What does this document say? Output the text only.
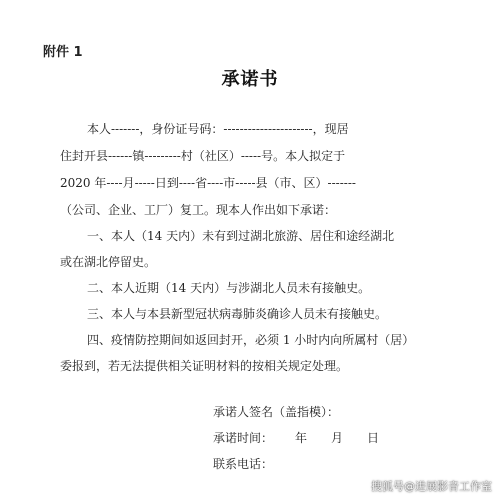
附件 1
承诺书
本人-------，身份证号码：----------------------，现居
住封开县------镇---------村（社区）-----号。本人拟定于
2020 年----月-----日到----省----市-----县（市、区）-------
（公司、企业、工厂）复工。现本人作出如下承诺：
一、本人（14 天内）未有到过湖北旅游、居住和途经湖北
或在湖北停留史。
二、本人近期（14 天内）与涉湖北人员未有接触史。
三、本人与本县新型冠状病毒肺炎确诊人员未有接触史。
四、疫情防控期间如返回封开，必须 1 小时内向所属村（居）
委报到，若无法提供相关证明材料的按相关规定处理。
承诺人签名（盖指模）：
承诺时间： 年　　月　　日
联系电话：
搜狐号@进展影音工作室
